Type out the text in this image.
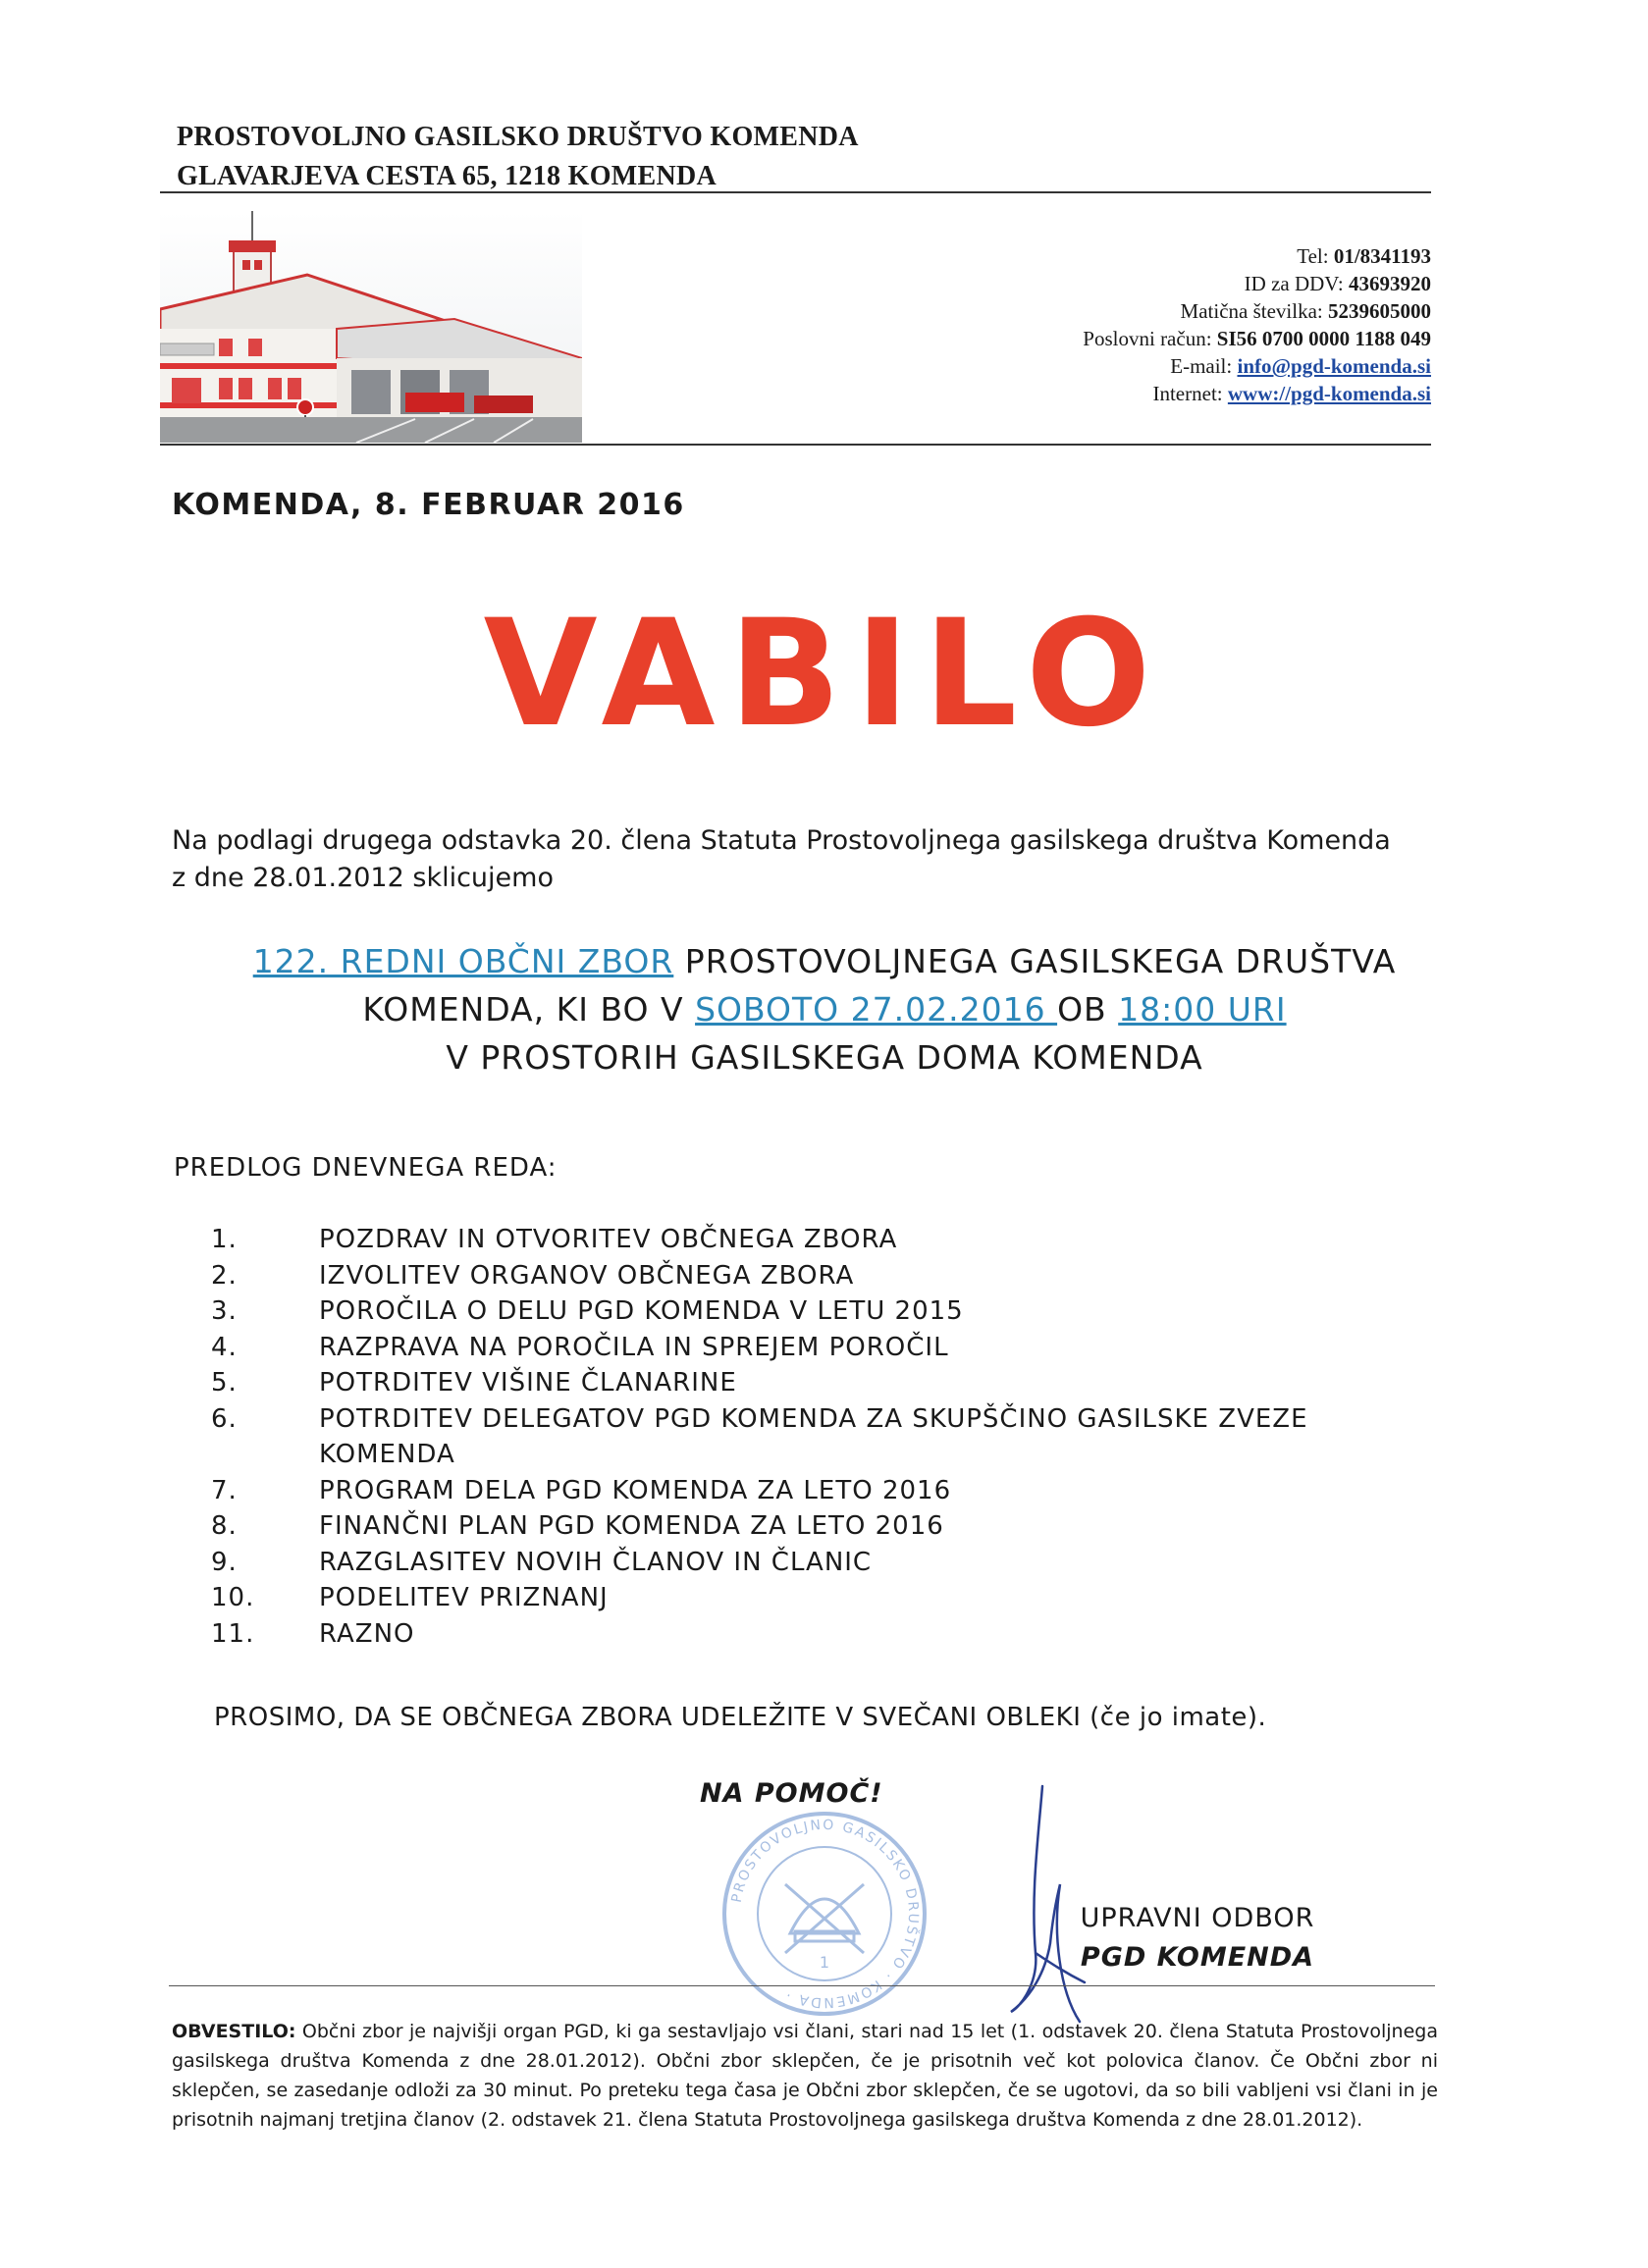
PROSTOVOLJNO GASILSKO DRUŠTVO KOMENDA
GLAVARJEVA CESTA 65, 1218 KOMENDA
Tel: 01/8341193
ID za DDV: 43693920
Matična številka: 5239605000
Poslovni račun: SI56 0700 0000 1188 049
E-mail: info@pgd-komenda.si
Internet: www://pgd-komenda.si
KOMENDA, 8. FEBRUAR 2016
VABILO
Na podlagi drugega odstavka 20. člena Statuta Prostovoljnega gasilskega društva Komenda
z dne 28.01.2012 sklicujemo
122. REDNI OBČNI ZBOR PROSTOVOLJNEGA GASILSKEGA DRUŠTVA
KOMENDA, KI BO V SOBOTO 27.02.2016 OB 18:00 URI
V PROSTORIH GASILSKEGA DOMA KOMENDA
PREDLOG DNEVNEGA REDA:
1.	POZDRAV IN OTVORITEV OBČNEGA ZBORA
2.	IZVOLITEV ORGANOV OBČNEGA ZBORA
3.	POROČILA O DELU PGD KOMENDA V LETU 2015
4.	RAZPRAVA NA POROČILA IN SPREJEM POROČIL
5.	POTRDITEV VIŠINE ČLANARINE
6.	POTRDITEV DELEGATOV PGD KOMENDA ZA SKUPŠČINO GASILSKE ZVEZE KOMENDA
7.	PROGRAM DELA PGD KOMENDA ZA LETO 2016
8.	FINANČNI PLAN PGD KOMENDA ZA LETO 2016
9.	RAZGLASITEV NOVIH ČLANOV IN ČLANIC
10.	PODELITEV PRIZNANJ
11.	RAZNO
PROSIMO, DA SE OBČNEGA ZBORA UDELEŽITE V SVEČANI OBLEKI (če jo imate).
NA POMOČ!
1
PROSTOVOLJNO GASILSKO DRUŠTVO · KOMENDA ·
UPRAVNI ODBOR
PGD KOMENDA
OBVESTILO: Občni zbor je najvišji organ PGD, ki ga sestavljajo vsi člani, stari nad 15 let (1. odstavek 20. člena Statuta Prostovoljnega gasilskega društva Komenda z dne 28.01.2012). Občni zbor sklepčen, če je prisotnih več kot polovica članov. Če Občni zbor ni sklepčen, se zasedanje odloži za 30 minut. Po preteku tega časa je Občni zbor sklepčen, če se ugotovi, da so bili vabljeni vsi člani in je prisotnih najmanj tretjina članov (2. odstavek 21. člena Statuta Prostovoljnega gasilskega društva Komenda z dne 28.01.2012).
